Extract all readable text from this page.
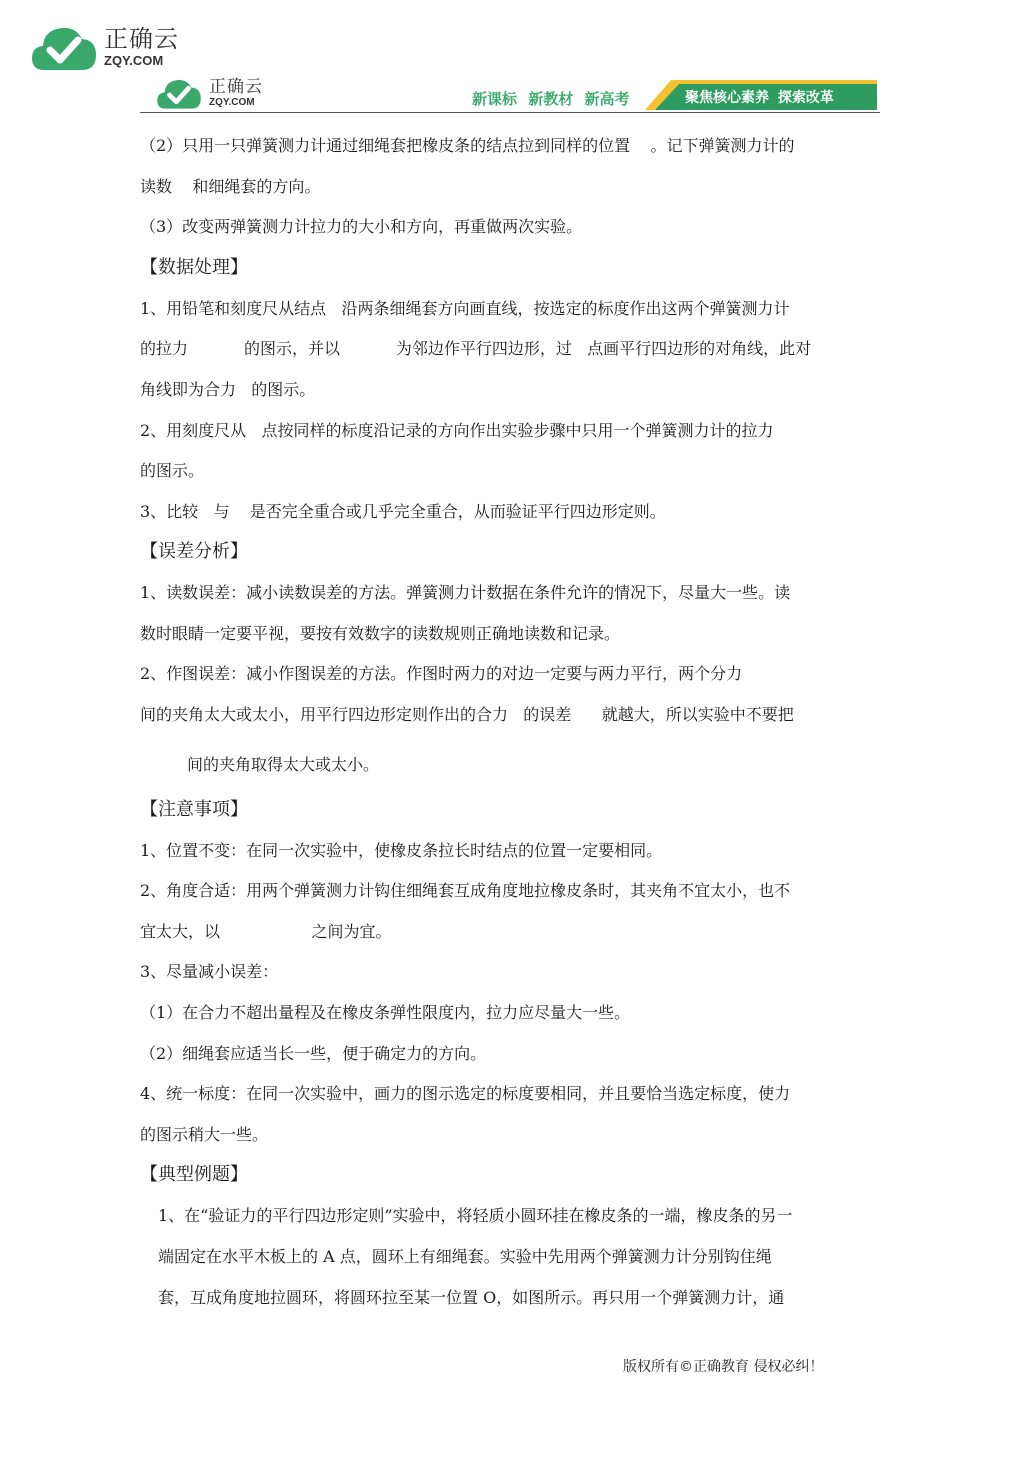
正确云
ZQY.COM
正确云
ZQY.COM	新课标 新教材 新高考	聚焦核心素养 探索改革
（2）只用一只弹簧测力计通过细绳套把橡皮条的结点拉到同样的位置    。记下弹簧测力计的
读数    和细绳套的方向。
（3）改变两弹簧测力计拉力的大小和方向，再重做两次实验。
【数据处理】
1、用铅笔和刻度尺从结点   沿两条细绳套方向画直线，按选定的标度作出这两个弹簧测力计
的拉力           的图示，并以           为邻边作平行四边形，过   点画平行四边形的对角线，此对
角线即为合力   的图示。
2、用刻度尺从   点按同样的标度沿记录的方向作出实验步骤中只用一个弹簧测力计的拉力
的图示。
3、比较   与    是否完全重合或几乎完全重合，从而验证平行四边形定则。
【误差分析】
1、读数误差：减小读数误差的方法。弹簧测力计数据在条件允许的情况下，尽量大一些。读
数时眼睛一定要平视，要按有效数字的读数规则正确地读数和记录。
2、作图误差：减小作图误差的方法。作图时两力的对边一定要与两力平行，两个分力
间的夹角太大或太小，用平行四边形定则作出的合力   的误差      就越大，所以实验中不要把
间的夹角取得太大或太小。
【注意事项】
1、位置不变：在同一次实验中，使橡皮条拉长时结点的位置一定要相同。
2、角度合适：用两个弹簧测力计钩住细绳套互成角度地拉橡皮条时，其夹角不宜太小，也不
宜太大，以                  之间为宜。
3、尽量减小误差：
（1）在合力不超出量程及在橡皮条弹性限度内，拉力应尽量大一些。
（2）细绳套应适当长一些，便于确定力的方向。
4、统一标度：在同一次实验中，画力的图示选定的标度要相同，并且要恰当选定标度，使力
的图示稍大一些。
【典型例题】
1、在“验证力的平行四边形定则”实验中，将轻质小圆环挂在橡皮条的一端，橡皮条的另一
端固定在水平木板上的 A 点，圆环上有细绳套。实验中先用两个弹簧测力计分别钩住绳
套，互成角度地拉圆环，将圆环拉至某一位置 O，如图所示。再只用一个弹簧测力计，通
版权所有©正确教育 侵权必纠！
